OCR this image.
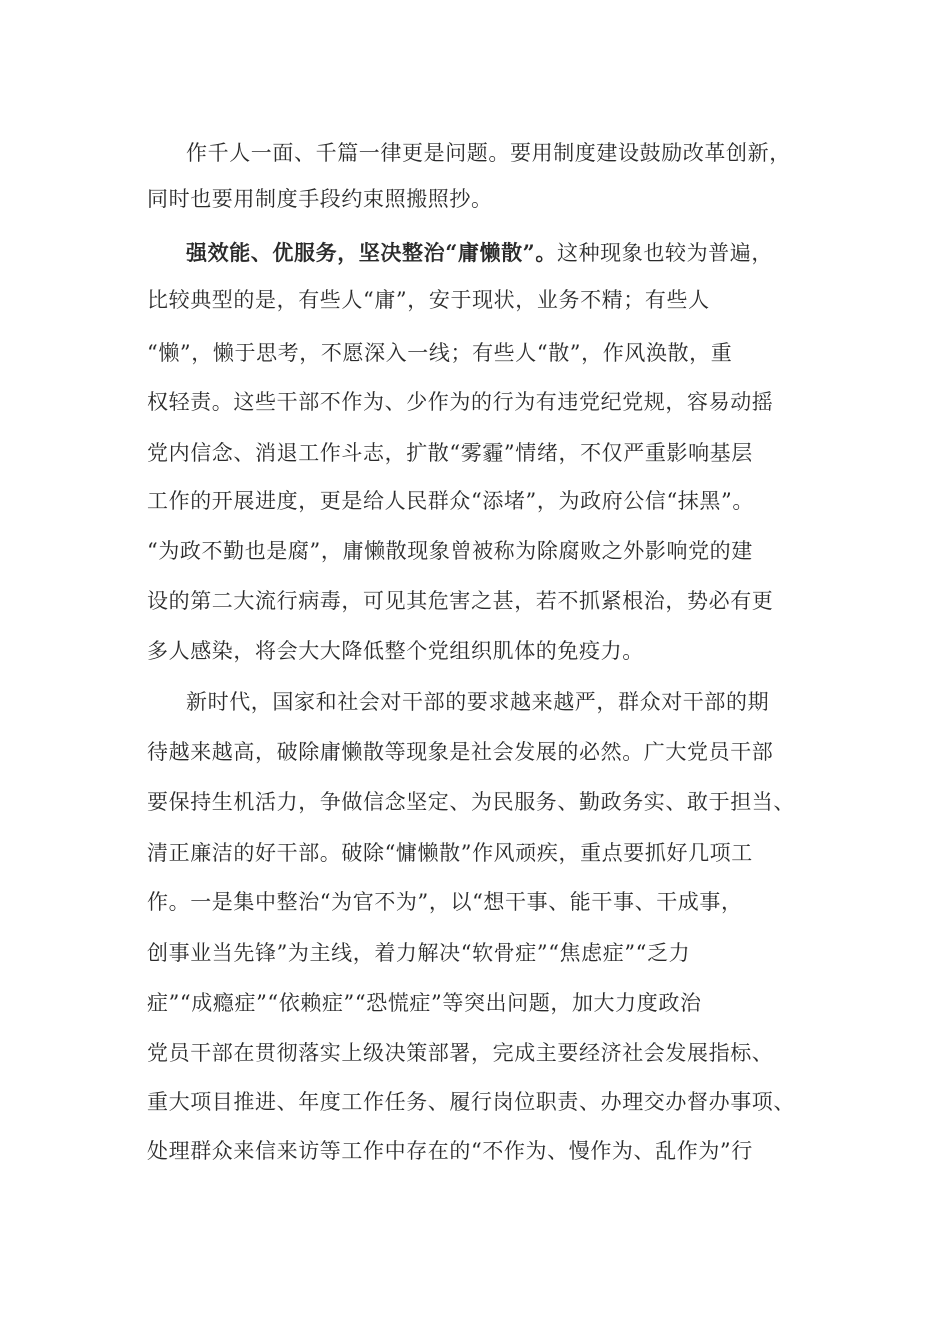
作千人一面、千篇一律更是问题。要用制度建设鼓励改革创新，
同时也要用制度手段约束照搬照抄。
强效能、优服务，坚决整治“庸懒散”。这种现象也较为普遍，
比较典型的是，有些人“庸”，安于现状，业务不精；有些人
“懒”，懒于思考，不愿深入一线；有些人“散”，作风涣散，重
权轻责。这些干部不作为、少作为的行为有违党纪党规，容易动摇
党内信念、消退工作斗志，扩散“雾霾”情绪，不仅严重影响基层
工作的开展进度，更是给人民群众“添堵”，为政府公信“抹黑”。
“为政不勤也是腐”，庸懒散现象曾被称为除腐败之外影响党的建
设的第二大流行病毒，可见其危害之甚，若不抓紧根治，势必有更
多人感染，将会大大降低整个党组织肌体的免疫力。
新时代，国家和社会对干部的要求越来越严，群众对干部的期
待越来越高，破除庸懒散等现象是社会发展的必然。广大党员干部
要保持生机活力，争做信念坚定、为民服务、勤政务实、敢于担当、
清正廉洁的好干部。破除“慵懒散”作风顽疾，重点要抓好几项工
作。一是集中整治“为官不为”，以“想干事、能干事、干成事，
创事业当先锋”为主线，着力解决“软骨症”“焦虑症”“乏力
症”“成瘾症”“依赖症”“恐慌症”等突出问题，加大力度政治
党员干部在贯彻落实上级决策部署，完成主要经济社会发展指标、
重大项目推进、年度工作任务、履行岗位职责、办理交办督办事项、
处理群众来信来访等工作中存在的“不作为、慢作为、乱作为”行
